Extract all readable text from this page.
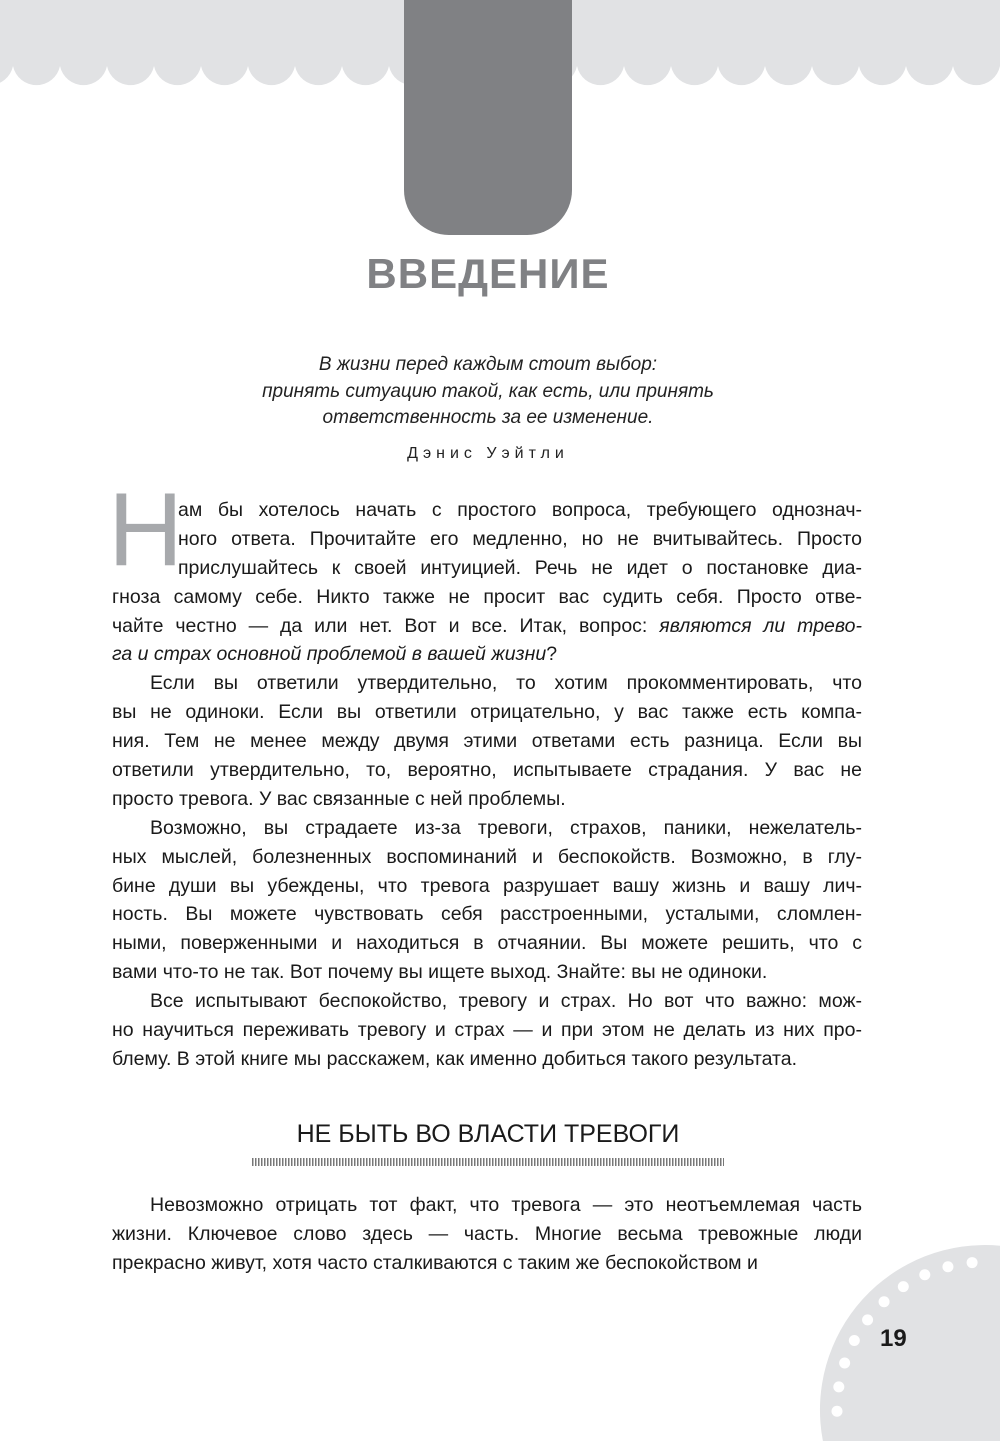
ВВЕДЕНИЕ
В жизни перед каждым стоит выбор:
принять ситуацию такой, как есть, или принять
ответственность за ее изменение.
Дэнис Уэйтли
Н
ам бы хотелось начать с простого вопроса, требующего однознач-
ного ответа. Прочитайте его медленно, но не вчитывайтесь. Просто
прислушайтесь к своей интуицией. Речь не идет о постановке диа-
гноза самому себе. Никто также не просит вас судить себя. Просто отве-
чайте честно — да или нет. Вот и все. Итак, вопрос: являются ли трево-
га и страх основной проблемой в вашей жизни?
Если вы ответили утвердительно, то хотим прокомментировать, что
вы не одиноки. Если вы ответили отрицательно, у вас также есть компа-
ния. Тем не менее между двумя этими ответами есть разница. Если вы
ответили утвердительно, то, вероятно, испытываете страдания. У вас не
просто тревога. У вас связанные с ней проблемы.
Возможно, вы страдаете из-за тревоги, страхов, паники, нежелатель-
ных мыслей, болезненных воспоминаний и беспокойств. Возможно, в глу-
бине души вы убеждены, что тревога разрушает вашу жизнь и вашу лич-
ность. Вы можете чувствовать себя расстроенными, усталыми, сломлен-
ными, поверженными и находиться в отчаянии. Вы можете решить, что с
вами что-то не так. Вот почему вы ищете выход. Знайте: вы не одиноки.
Все испытывают беспокойство, тревогу и страх. Но вот что важно: мож-
но научиться переживать тревогу и страх — и при этом не делать из них про-
блему. В этой книге мы расскажем, как именно добиться такого результата.
НЕ БЫТЬ ВО ВЛАСТИ ТРЕВОГИ
Невозможно отрицать тот факт, что тревога — это неотъемлемая часть
жизни. Ключевое слово здесь — часть. Многие весьма тревожные люди
прекрасно живут, хотя часто сталкиваются с таким же беспокойством и
19
